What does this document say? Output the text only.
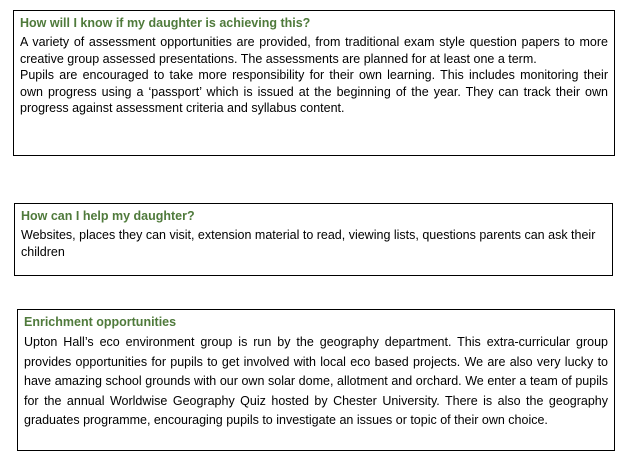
How will I know if my daughter is achieving this?

A variety of assessment opportunities are provided, from traditional exam style question papers to more creative group assessed presentations. The assessments are planned for at least one a term.

Pupils are encouraged to take more responsibility for their own learning. This includes monitoring their own progress using a ‘passport’ which is issued at the beginning of the year. They can track their own progress against assessment criteria and syllabus content.

How can I help my daughter?

Websites, places they can visit, extension material to read, viewing lists, questions parents can ask their children

Enrichment opportunities

Upton Hall’s eco environment group is run by the geography department. This extra-curricular group provides opportunities for pupils to get involved with local eco based projects. We are also very lucky to have amazing school grounds with our own solar dome, allotment and orchard. We enter a team of pupils for the annual Worldwise Geography Quiz hosted by Chester University. There is also the geography graduates programme, encouraging pupils to investigate an issues or topic of their own choice.
